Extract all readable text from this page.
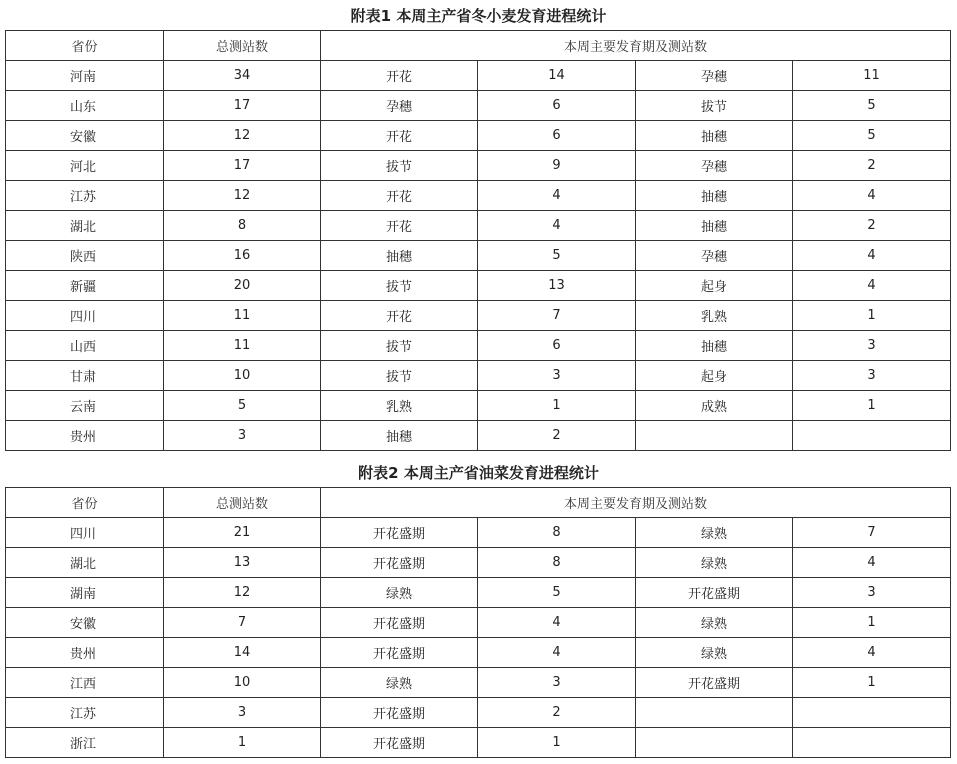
附表1 本周主产省冬小麦发育进程统计
省份	总测站数	本周主要发育期及测站数			
河南	34	开花	14	孕穗	11
山东	17	孕穗	6	拔节	5
安徽	12	开花	6	抽穗	5
河北	17	拔节	9	孕穗	2
江苏	12	开花	4	抽穗	4
湖北	8	开花	4	抽穗	2
陕西	16	抽穗	5	孕穗	4
新疆	20	拔节	13	起身	4
四川	11	开花	7	乳熟	1
山西	11	拔节	6	抽穗	3
甘肃	10	拔节	3	起身	3
云南	5	乳熟	1	成熟	1
贵州	3	抽穗	2		
附表2 本周主产省油菜发育进程统计
省份	总测站数	本周主要发育期及测站数			
四川	21	开花盛期	8	绿熟	7
湖北	13	开花盛期	8	绿熟	4
湖南	12	绿熟	5	开花盛期	3
安徽	7	开花盛期	4	绿熟	1
贵州	14	开花盛期	4	绿熟	4
江西	10	绿熟	3	开花盛期	1
江苏	3	开花盛期	2		
浙江	1	开花盛期	1		
